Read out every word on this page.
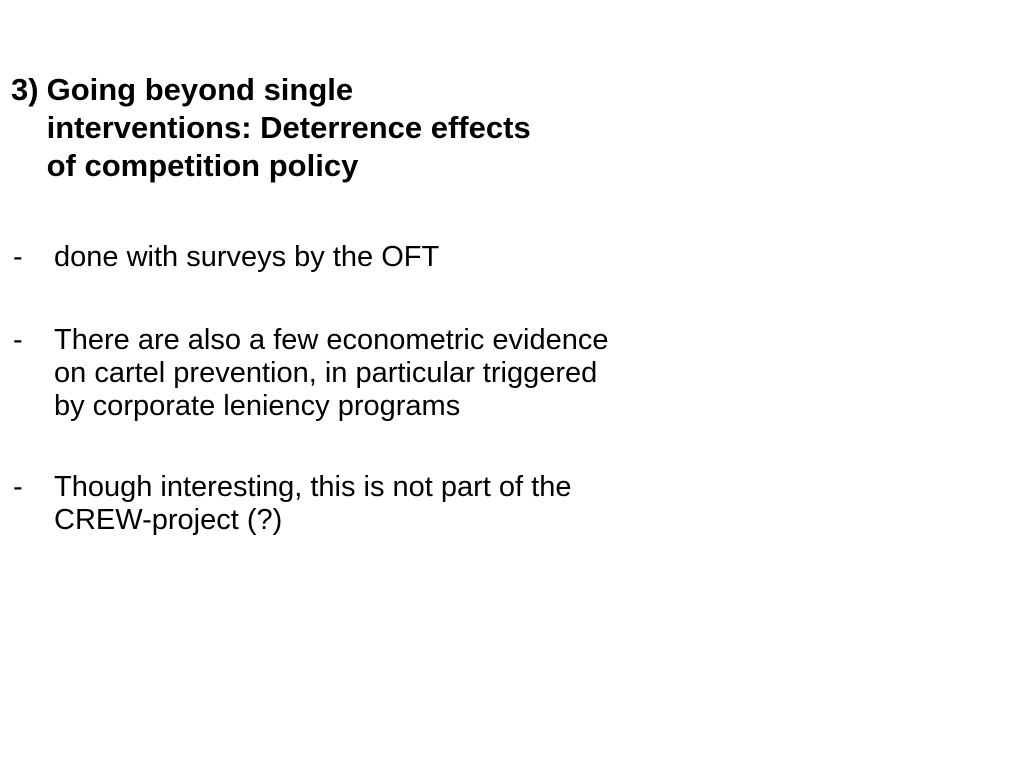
3) Going beyond single
interventions: Deterrence effects
of competition policy
-	done with surveys by the OFT
-	There are also a few econometric evidence
on cartel prevention, in particular triggered
by corporate leniency programs
-	Though interesting, this is not part of the
CREW-project (?)
